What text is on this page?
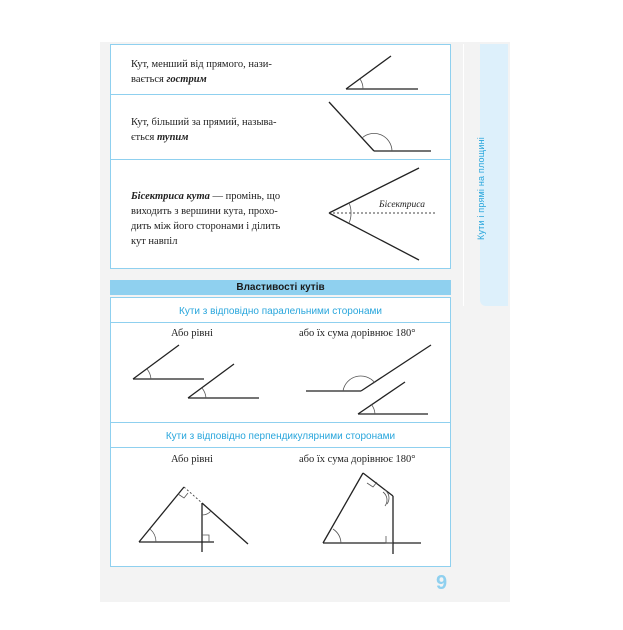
Кути і прямі на площині
Кут, менший від прямого, нази-
вається гострим
Кут, більший за прямий, называ-
ється тупим
Бісектриса кута — промінь, що
виходить з вершини кута, прохо-
дить між його сторонами і ділить
кут навпіл
Бісектриса
Властивості кутів
Кути з відповідно паралельними сторонами
Або рівні	або їх сума дорівнює 180°
Кути з відповідно перпендикулярними сторонами
Або рівні	або їх сума дорівнює 180°
9
